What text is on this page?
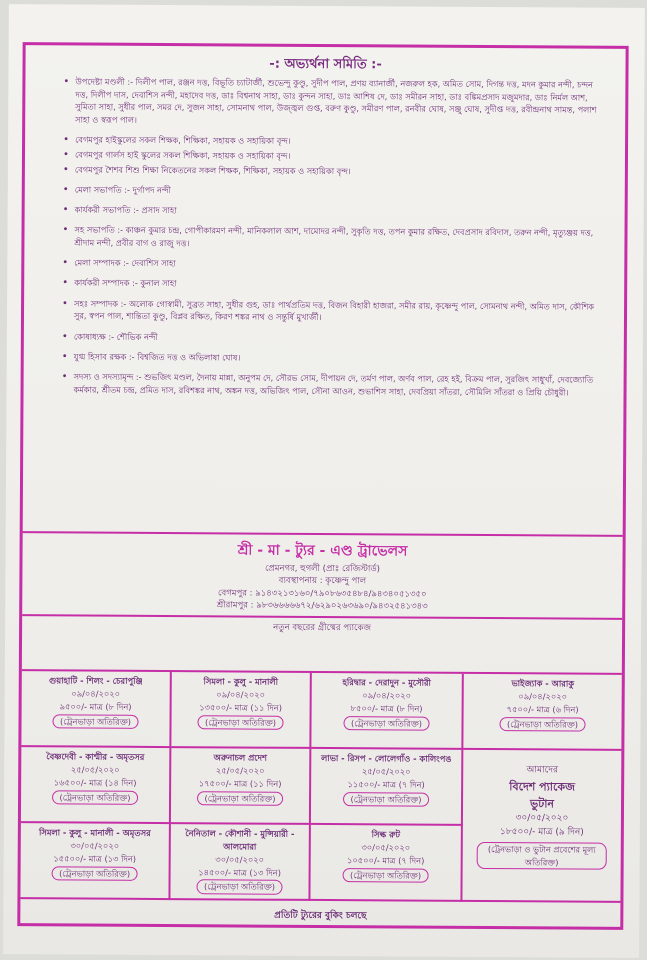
-: অভ্যর্থনা সমিতি :-
• উপদেষ্টা মণ্ডলী :- দিলীপ পাল, রঞ্জন দত্ত, বিভূতি চ্যাটার্জী, শুভেন্দু কুণ্ডু, সুদীপ পাল, প্রণয় ব্যানার্জী, নজরুল হক, অমিত সোম, দিগন্ত দত্ত, মদন কুমার নন্দী, চন্দন দত্ত, দিলীপ দাস, দেবাশিস নন্দী, মহাদেব দত্ত, ডাঃ বিশ্বনাথ সাহা, ডাঃ কুন্দন সাহা, ডাঃ আশিষ দে, ডাঃ সমীরন সাহা, ডাঃ বঙ্কিমপ্রসাদ মজুমদার, ডাঃ নির্মল আশ, সুমিতা সাহা, সুধীর পাল, সমর দে, সুজন সাহা, সোমনাথ পাল, উজ্জ্বল গুপ্ত, বরুণ কুণ্ডু, সমীরণ পাল, রনবীর ঘোষ, সঞ্জু ঘোষ, সুদীপ্ত দত্ত, রবীন্দ্রনাথ সামন্ত, পলাশ সাহা ও স্বরূপ পাল।
• বেগমপুর হাইস্কুলের সকল শিক্ষক, শিক্ষিকা, সহায়ক ও সহায়িকা বৃন্দ।
• বেগমপুর গার্লস হাই স্কুলের সকল শিক্ষিকা, সহায়ক ও সহায়িকা বৃন্দ।
• বেগমপুর শৈশব শিশু শিক্ষা নিকেতনের সকল শিক্ষক, শিক্ষিকা, সহায়ক ও সহায়িকা বৃন্দ।
• মেলা সভাপতি :- দুর্গাপদ নন্দী
• কার্যকরী সভাপতি :- প্রসাদ সাহা
• সহ সভাপতি :- কাঞ্চন কুমার চন্দ্র, গোপীকারমণ নন্দী, মানিকলাল আশ, দামোদর নন্দী, সুকৃতি দত্ত, তপন কুমার রক্ষিত, দেবপ্রসাদ রবিদাস, তরুন নন্দী, মৃত্যুঞ্জয় দত্ত, শ্রীদাম নন্দী, প্রবীর বাগ ও রাজু দত্ত।
• মেলা সম্পাদক :- দেবাশিস সাহা
• কার্যকরী সম্পাদক :- কুনাল সাহা
• সহঃ সম্পাদক :- অলোক গোস্বামী, সুব্রত সাহা, সুধীর গুহ, ডাঃ পার্থপ্রতিম দত্ত, বিজন বিহারী হাজরা, সমীর রায়, কৃষ্ণেন্দু পাল, সোমনাথ নন্দী, অমিত দাস, কৌশিক সুর, স্বপন পাল, শান্তিতা কুণ্ডু, বিপ্লব রক্ষিত, কিরণ শঙ্কর নাথ ও সন্তুর্ষি মুখার্জী।
• কোষাধ্যক্ষ :- শৌভিক নন্দী
• যুগ্ম হিসাব রক্ষক :- বিশ্বজিত দত্ত ও অভিলাষা ঘোষ।
• সদস্য ও সদস্যামৃন্দ :- শুভজিৎ মণ্ডল, দৈনায় মান্না, অনুপম দে, সৌরভ সোম, দীপায়ন দে, তর্মণ পাল, অর্ণব পাল, রেহ হই, বিক্রম পাল, সুরজিৎ সাধুখাঁ, দেবজ্যোতি কর্মকার, শ্রীতম চন্দ্র, প্রমিত দাস, রবিশঙ্কর নাথ, অঙ্কন দত্ত, অভিজিৎ পাল, সৌনা আওন, শুভাশিস সাহা, দেবপ্রিয়া সাঁতরা, সৌমিলি সাঁতরা ও প্রিয়ি চৌধুরী।
শ্রী - মা - ট্যুর - এণ্ড ট্রাভেলস
প্রেমনগর, হুগলী (প্রাঃ রেজিস্টার্ড)
ব্যবস্থাপনায় : কৃষ্ণেন্দু পাল
বেগমপুর : ৯১৪৩২১৩১৬০/৭৯০৮৬৩৫৪৮৪/৯৪৩৪০৫১৩৫০
শ্রীরামপুর : ৯৮৩৬৬৬৬৬৭২/৬২৯০২৬৩৬৯০/৯৪৩২৫৪১৩৪৩
নতুন বছরের গ্রীষ্মের প্যাকেজ
গুয়াহাটি - শিলং - চেরাপুঞ্জি
০৯/০৪/২০২০
৯৫০০/- মাত্র (৮ দিন)
(ট্রেনভাড়া অতিরিক্ত)
সিমলা - কুলু - মানালী
০৯/০৪/২০২০
১৩৫০০/- মাত্র (১১ দিন)
(ট্রেনভাড়া অতিরিক্ত)
হরিদ্বার - দেরাদুন - মুসৌরী
০৯/০৪/২০২০
৮৫০০/- মাত্র (৮ দিন)
(ট্রেনভাড়া অতিরিক্ত)
ভাইজ্যাক - আরাকু
০৯/০৪/২০২০
৭৫০০/- মাত্র (৬ দিন)
(ট্রেনভাড়া অতিরিক্ত)
বৈষ্ণদেবী - কাশ্মীর - অমৃতসর
২৫/০৫/২০২০
১৬৫০০/- মাত্র (১৪ দিন)
(ট্রেনভাড়া অতিরিক্ত)
অরুনাচল প্রদেশ
২৫/০৫/২০২০
১৭৫০০/- মাত্র (১১ দিন)
(ট্রেনভাড়া অতিরিক্ত)
লাভা - রিসপ - লোলেগাঁও - কালিংপঙ
২৫/০৫/২০২০
১১৫০০/- মাত্র (৭ দিন)
(ট্রেনভাড়া অতিরিক্ত)
সিমলা - কুলু - মানালী - অমৃতসর
৩০/০৫/২০২০
১৫৫০০/- মাত্র (১৩ দিন)
(ট্রেনভাড়া অতিরিক্ত)
নৈনিতাল - কৌশানী - মুন্সিয়ারী - আলমোরা
৩০/০৫/২০২০
১৪৫০০/- মাত্র (১৩ দিন)
(ট্রেনভাড়া অতিরিক্ত)
সিল্ক রুট
৩০/০৫/২০২০
১০৫০০/- মাত্র (৭ দিন)
(ট্রেনভাড়া অতিরিক্ত)
আমাদের
বিদেশ প্যাকেজ
ভুটান
৩০/০৫/২০২০
১৮৫০০/- মাত্র (৯ দিন)
(ট্রেনভাড়া ও ভুটান প্রবেশের মূল্য অতিরিক্ত)
প্রতিটি ট্যুরের বুকিং চলছে
